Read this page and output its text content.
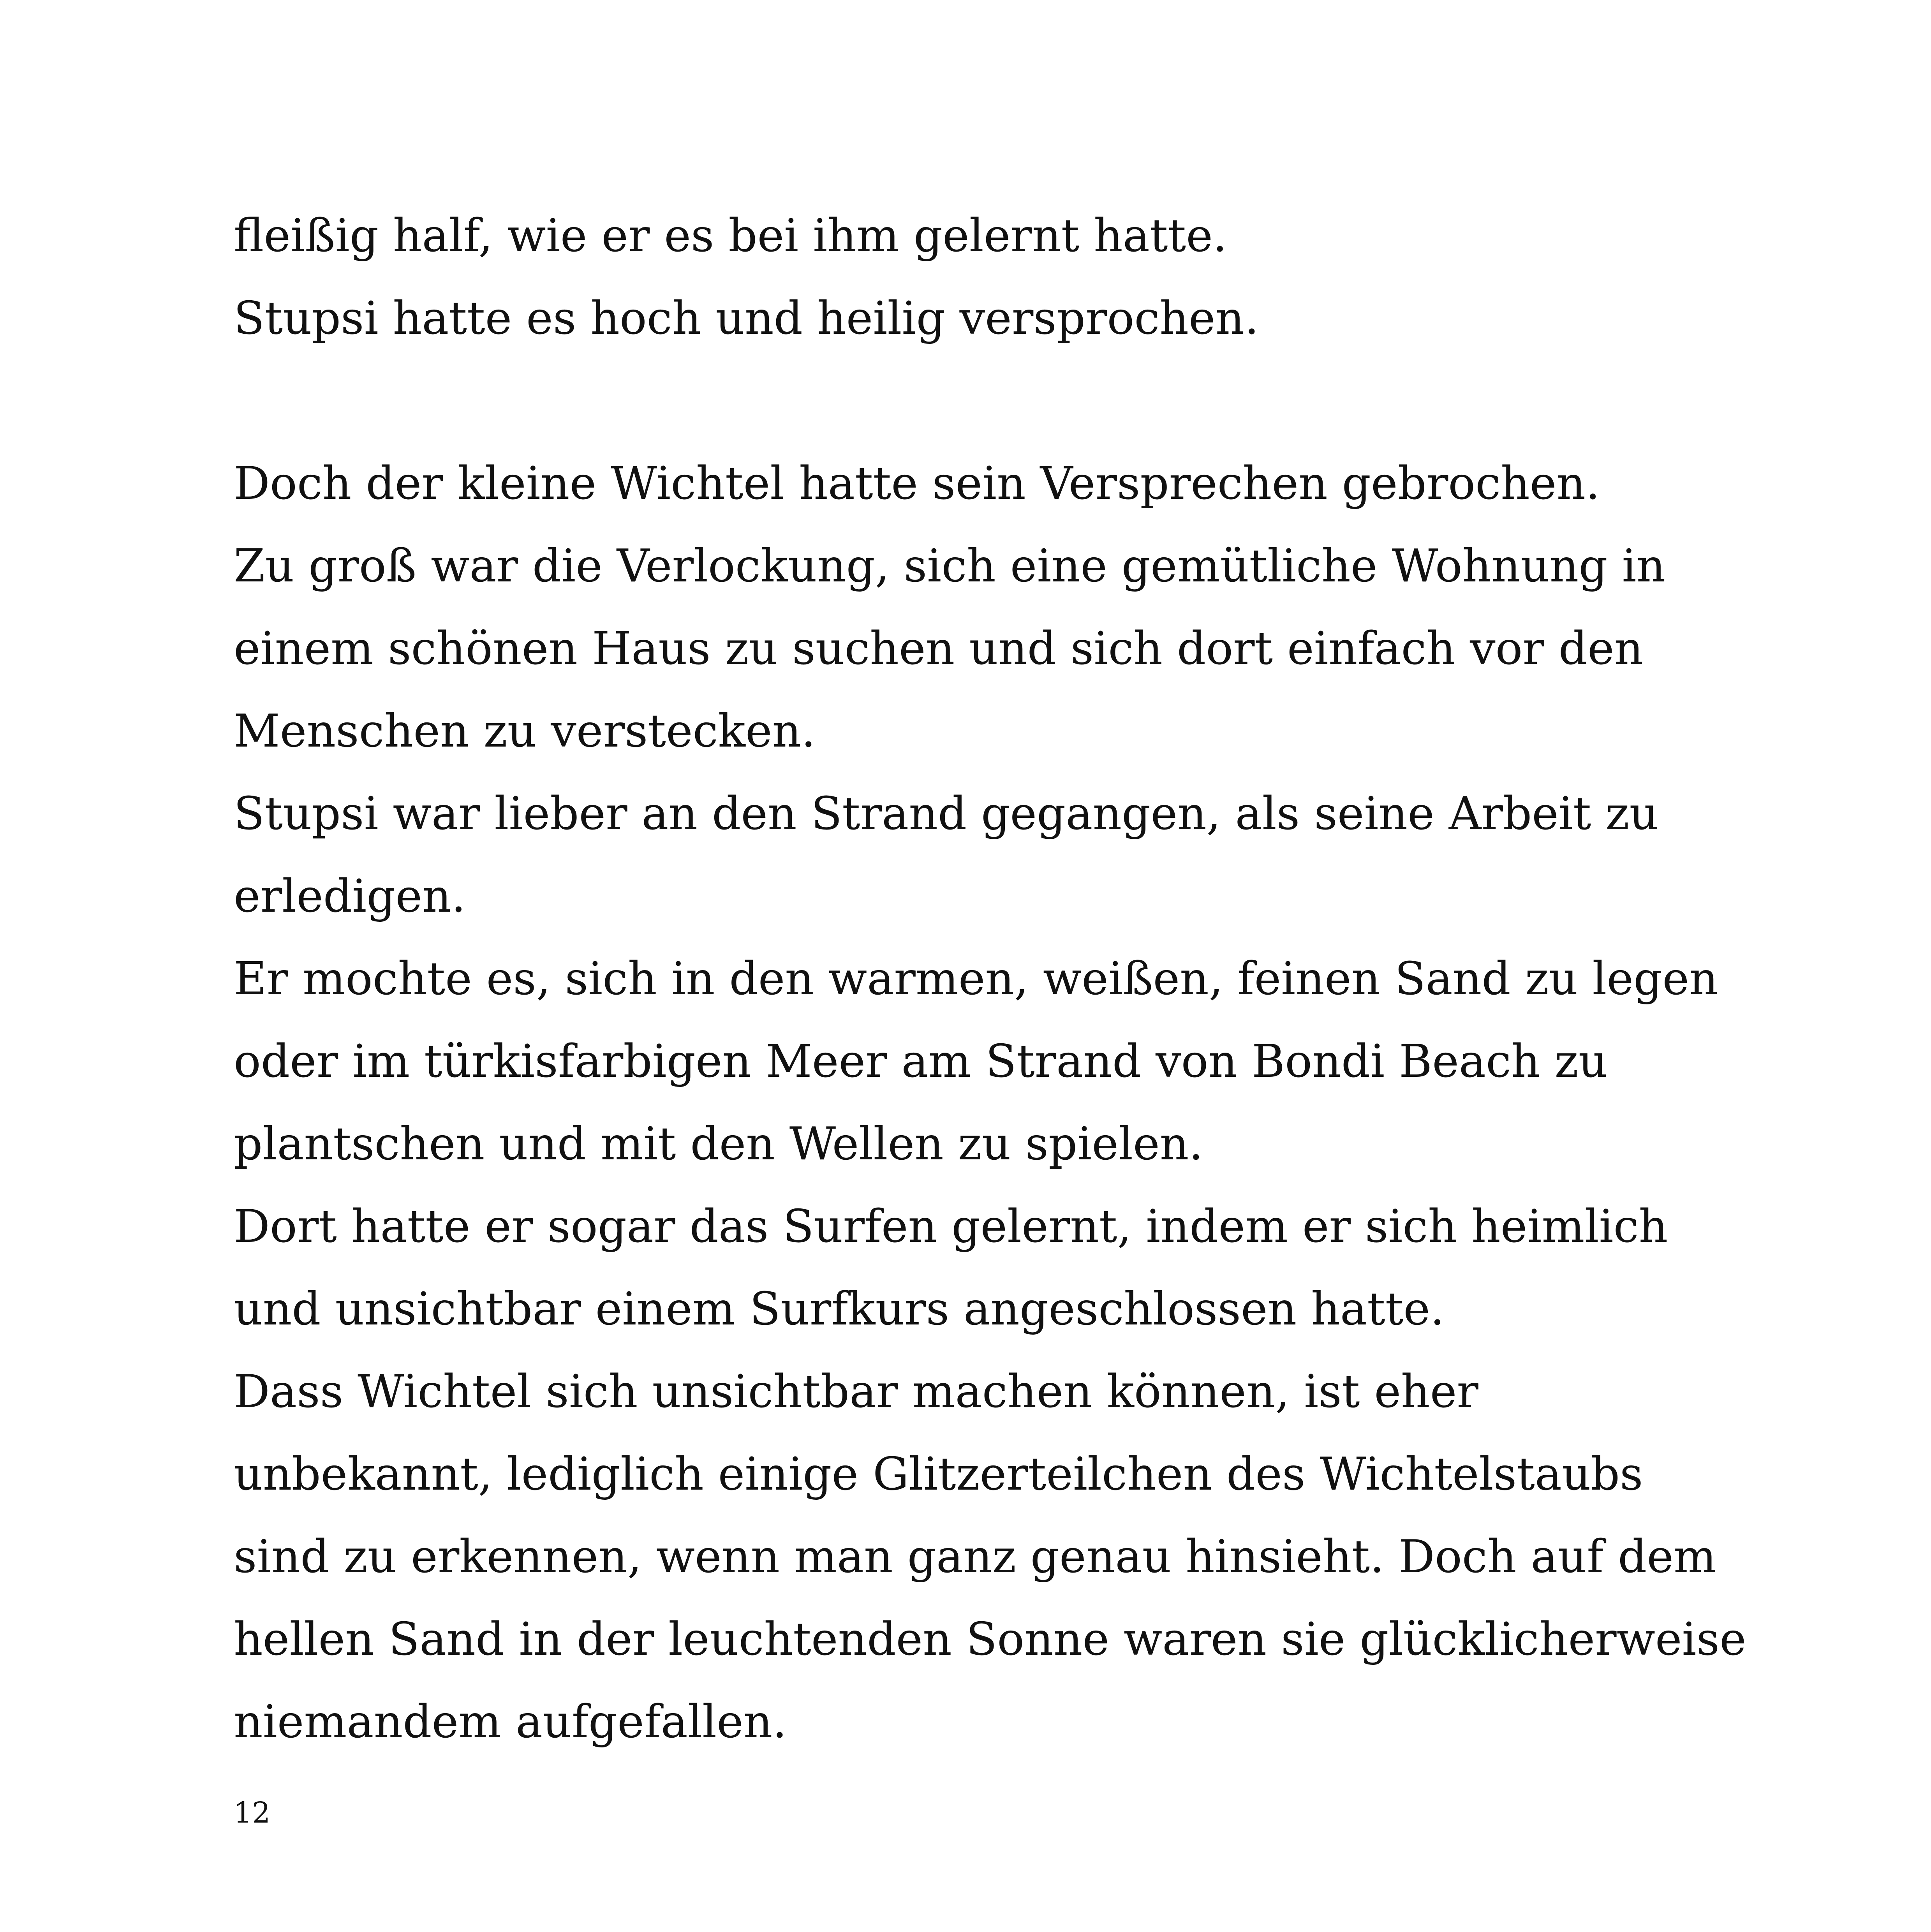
fleißig half, wie er es bei ihm gelernt hatte.
Stupsi hatte es hoch und heilig versprochen.
Doch der kleine Wichtel hatte sein Versprechen gebrochen.
Zu groß war die Verlockung, sich eine gemütliche Wohnung in
einem schönen Haus zu suchen und sich dort einfach vor den
Menschen zu verstecken.
Stupsi war lieber an den Strand gegangen, als seine Arbeit zu
erledigen.
Er mochte es, sich in den warmen, weißen, feinen Sand zu legen
oder im türkisfarbigen Meer am Strand von Bondi Beach zu
plantschen und mit den Wellen zu spielen.
Dort hatte er sogar das Surfen gelernt, indem er sich heimlich
und unsichtbar einem Surfkurs angeschlossen hatte.
Dass Wichtel sich unsichtbar machen können, ist eher
unbekannt, lediglich einige Glitzerteilchen des Wichtelstaubs
sind zu erkennen, wenn man ganz genau hinsieht. Doch auf dem
hellen Sand in der leuchtenden Sonne waren sie glücklicherweise
niemandem aufgefallen.
12
